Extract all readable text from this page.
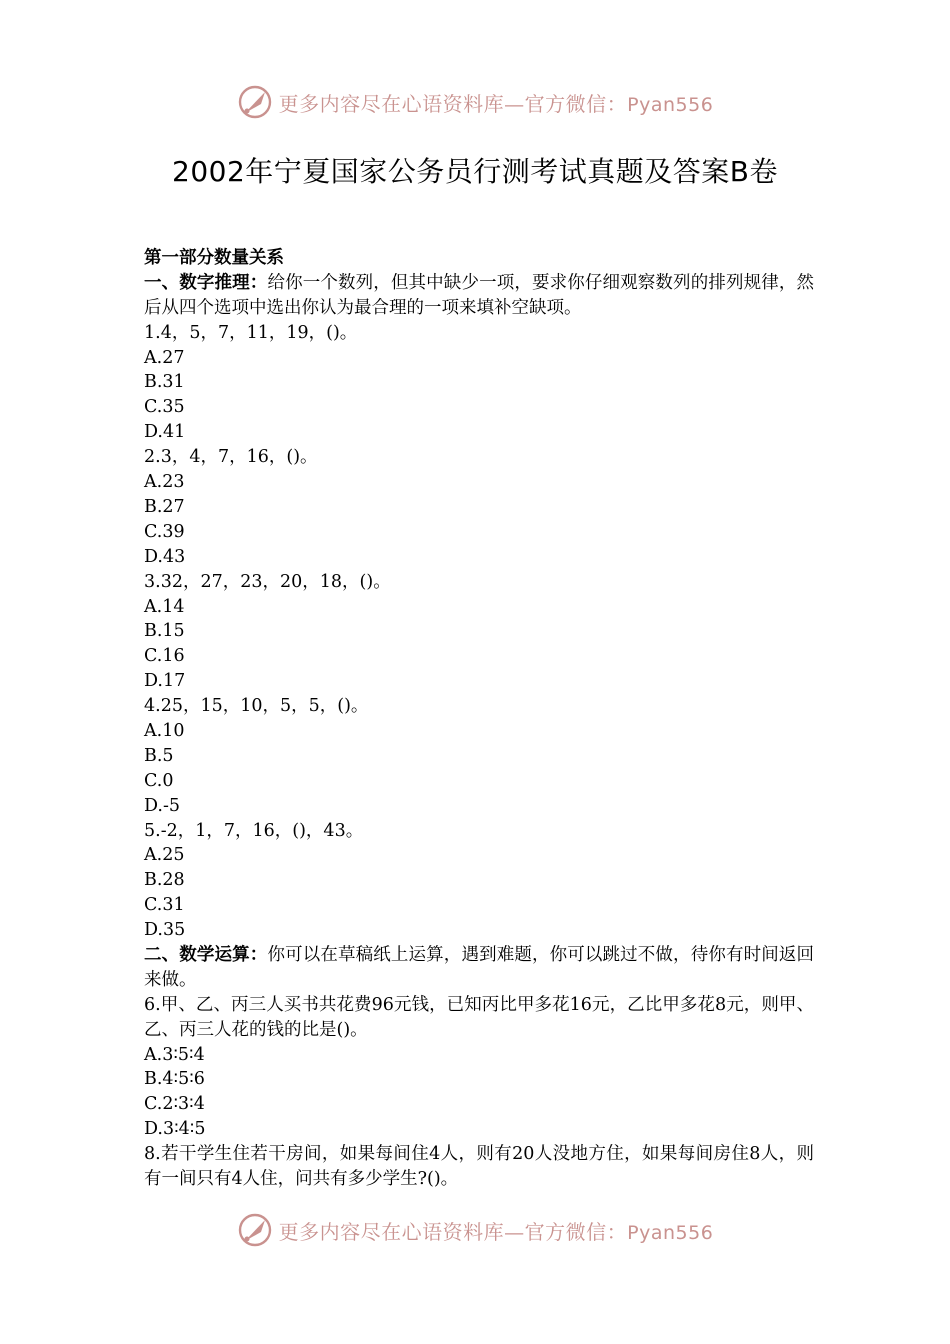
更多内容尽在心语资料库—官方微信：Pyan556
2002年宁夏国家公务员行测考试真题及答案B卷
第一部分数量关系
一、数字推理：给你一个数列，但其中缺少一项，要求你仔细观察数列的排列规律，然后从四个选项中选出你认为最合理的一项来填补空缺项。
1.4，5，7，11，19，()。
A.27
B.31
C.35
D.41
2.3，4，7，16，()。
A.23
B.27
C.39
D.43
3.32，27，23，20，18，()。
A.14
B.15
C.16
D.17
4.25，15，10，5，5，()。
A.10
B.5
C.0
D.-5
5.-2，1，7，16，()，43。
A.25
B.28
C.31
D.35
二、数学运算：你可以在草稿纸上运算，遇到难题，你可以跳过不做，待你有时间返回来做。
6.甲、乙、丙三人买书共花费96元钱，已知丙比甲多花16元，乙比甲多花8元，则甲、乙、丙三人花的钱的比是()。
A.3∶5∶4
B.4∶5∶6
C.2∶3∶4
D.3∶4∶5
8.若干学生住若干房间，如果每间住4人，则有20人没地方住，如果每间房住8人，则有一间只有4人住，问共有多少学生?()。
更多内容尽在心语资料库—官方微信：Pyan556
